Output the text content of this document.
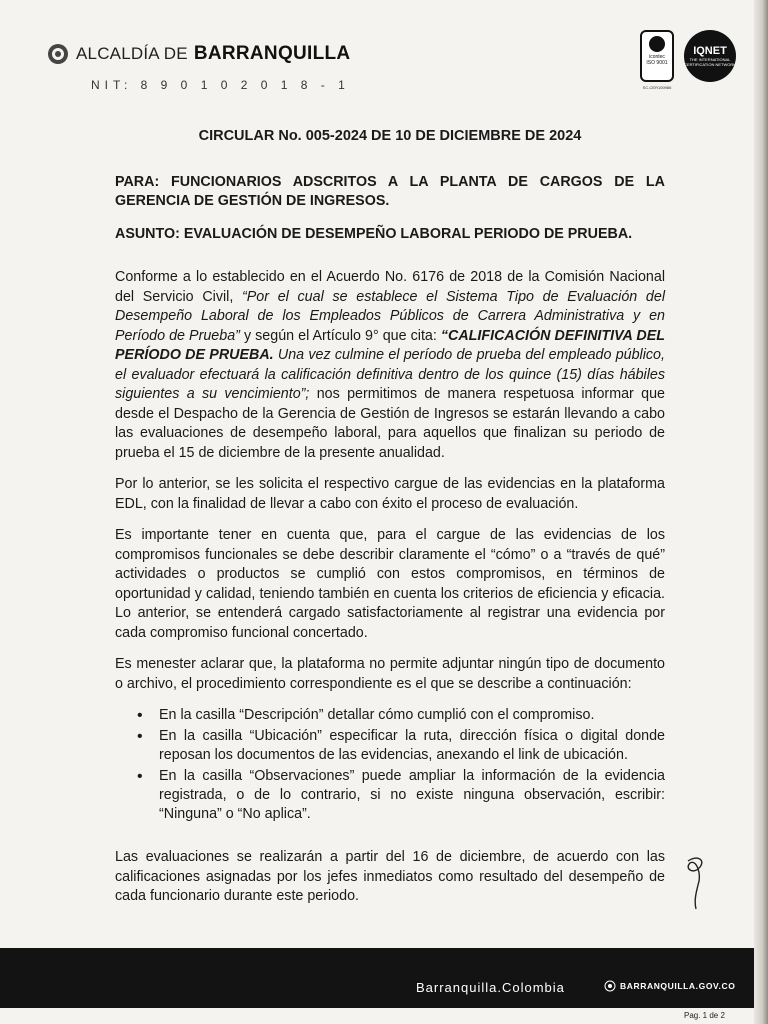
ALCALDÍA DE BARRANQUILLA
NIT: 8 9 0 1 0 2 0 1 8 - 1
icontec
ISO 9001
SC-CER100986
IQNET
THE INTERNATIONAL CERTIFICATION NETWORK
CIRCULAR No. 005-2024 DE 10 DE DICIEMBRE DE 2024
PARA: FUNCIONARIOS ADSCRITOS A LA PLANTA DE CARGOS DE LA GERENCIA DE GESTIÓN DE INGRESOS.
ASUNTO: EVALUACIÓN DE DESEMPEÑO LABORAL PERIODO DE PRUEBA.

Conforme a lo establecido en el Acuerdo No. 6176 de 2018 de la Comisión Nacional del Servicio Civil, “Por el cual se establece el Sistema Tipo de Evaluación del Desempeño Laboral de los Empleados Públicos de Carrera Administrativa y en Período de Prueba” y según el Artículo 9° que cita: “CALIFICACIÓN DEFINITIVA DEL PERÍODO DE PRUEBA. Una vez culmine el período de prueba del empleado público, el evaluador efectuará la calificación definitiva dentro de los quince (15) días hábiles siguientes a su vencimiento”; nos permitimos de manera respetuosa informar que desde el Despacho de la Gerencia de Gestión de Ingresos se estarán llevando a cabo las evaluaciones de desempeño laboral, para aquellos que finalizan su periodo de prueba el 15 de diciembre de la presente anualidad.

Por lo anterior, se les solicita el respectivo cargue de las evidencias en la plataforma EDL, con la finalidad de llevar a cabo con éxito el proceso de evaluación.

Es importante tener en cuenta que, para el cargue de las evidencias de los compromisos funcionales se debe describir claramente el “cómo” o a “través de qué” actividades o productos se cumplió con estos compromisos, en términos de oportunidad y calidad, teniendo también en cuenta los criterios de eficiencia y eficacia. Lo anterior, se entenderá cargado satisfactoriamente al registrar una evidencia por cada compromiso funcional concertado.

Es menester aclarar que, la plataforma no permite adjuntar ningún tipo de documento o archivo, el procedimiento correspondiente es el que se describe a continuación:

• En la casilla “Descripción” detallar cómo cumplió con el compromiso.
• En la casilla “Ubicación” especificar la ruta, dirección física o digital donde reposan los documentos de las evidencias, anexando el link de ubicación.
• En la casilla “Observaciones” puede ampliar la información de la evidencia registrada, o de lo contrario, si no existe ninguna observación, escribir: “Ninguna” o “No aplica”.

Las evaluaciones se realizarán a partir del 16 de diciembre, de acuerdo con las calificaciones asignadas por los jefes inmediatos como resultado del desempeño de cada funcionario durante este periodo.

Barranquilla.Colombia	BARRANQUILLA.GOV.CO
Pag. 1 de 2
